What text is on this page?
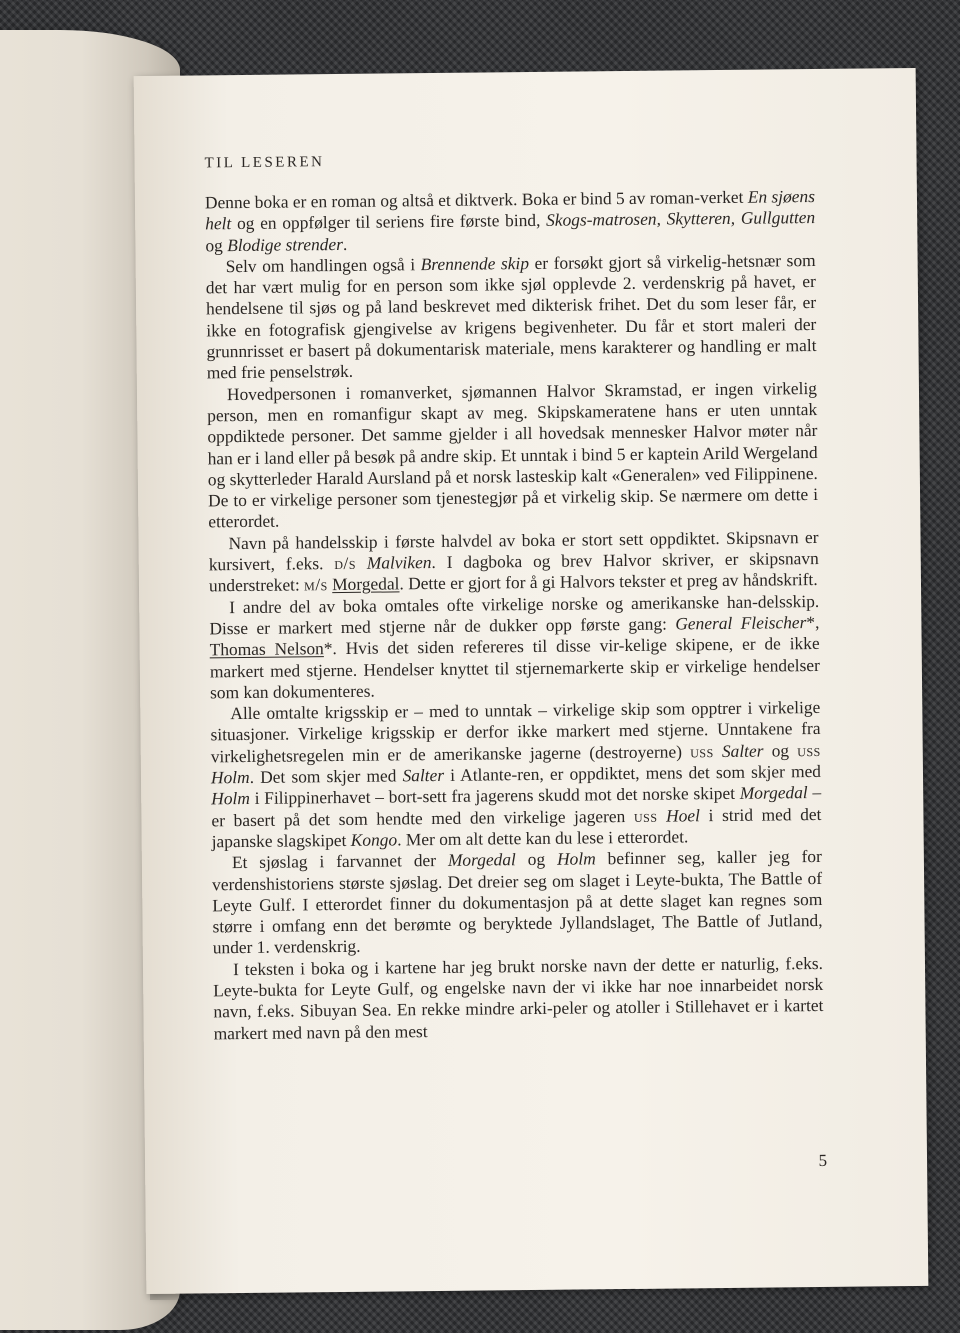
TIL LESEREN

Denne boka er en roman og altså et diktverk. Boka er bind 5 av roman-verket En sjøens helt og en oppfølger til seriens fire første bind, Skogs-matrosen, Skytteren, Gullgutten og Blodige strender.

Selv om handlingen også i Brennende skip er forsøkt gjort så virkelig-hetsnær som det har vært mulig for en person som ikke sjøl opplevde 2. verdenskrig på havet, er hendelsene til sjøs og på land beskrevet med dikterisk frihet. Det du som leser får, er ikke en fotografisk gjengivelse av krigens begivenheter. Du får et stort maleri der grunnrisset er basert på dokumentarisk materiale, mens karakterer og handling er malt med frie penselstrøk.

Hovedpersonen i romanverket, sjømannen Halvor Skramstad, er ingen virkelig person, men en romanfigur skapt av meg. Skipskameratene hans er uten unntak oppdiktede personer. Det samme gjelder i all hovedsak mennesker Halvor møter når han er i land eller på besøk på andre skip. Et unntak i bind 5 er kaptein Arild Wergeland og skytterleder Harald Aursland på et norsk lasteskip kalt «Generalen» ved Filippinene. De to er virkelige personer som tjenestegjør på et virkelig skip. Se nærmere om dette i etterordet.

Navn på handelsskip i første halvdel av boka er stort sett oppdiktet. Skipsnavn er kursivert, f.eks. d/s Malviken. I dagboka og brev Halvor skriver, er skipsnavn understreket: m/s Morgedal. Dette er gjort for å gi Halvors tekster et preg av håndskrift.

I andre del av boka omtales ofte virkelige norske og amerikanske han-delsskip. Disse er markert med stjerne når de dukker opp første gang: General Fleischer*, Thomas Nelson*. Hvis det siden refereres til disse vir-kelige skipene, er de ikke markert med stjerne. Hendelser knyttet til stjernemarkerte skip er virkelige hendelser som kan dokumenteres.

Alle omtalte krigsskip er – med to unntak – virkelige skip som opptrer i virkelige situasjoner. Virkelige krigsskip er derfor ikke markert med stjerne. Unntakene fra virkelighetsregelen min er de amerikanske jagerne (destroyerne) uss Salter og uss Holm. Det som skjer med Salter i Atlante-ren, er oppdiktet, mens det som skjer med Holm i Filippinerhavet – bort-sett fra jagerens skudd mot det norske skipet Morgedal – er basert på det som hendte med den virkelige jageren uss Hoel i strid med det japanske slagskipet Kongo. Mer om alt dette kan du lese i etterordet.

Et sjøslag i farvannet der Morgedal og Holm befinner seg, kaller jeg for verdenshistoriens største sjøslag. Det dreier seg om slaget i Leyte-bukta, The Battle of Leyte Gulf. I etterordet finner du dokumentasjon på at dette slaget kan regnes som større i omfang enn det berømte og beryktede Jyllandslaget, The Battle of Jutland, under 1. verdenskrig.

I teksten i boka og i kartene har jeg brukt norske navn der dette er naturlig, f.eks. Leyte-bukta for Leyte Gulf, og engelske navn der vi ikke har noe innarbeidet norsk navn, f.eks. Sibuyan Sea. En rekke mindre arki-peler og atoller i Stillehavet er i kartet markert med navn på den mest

5
